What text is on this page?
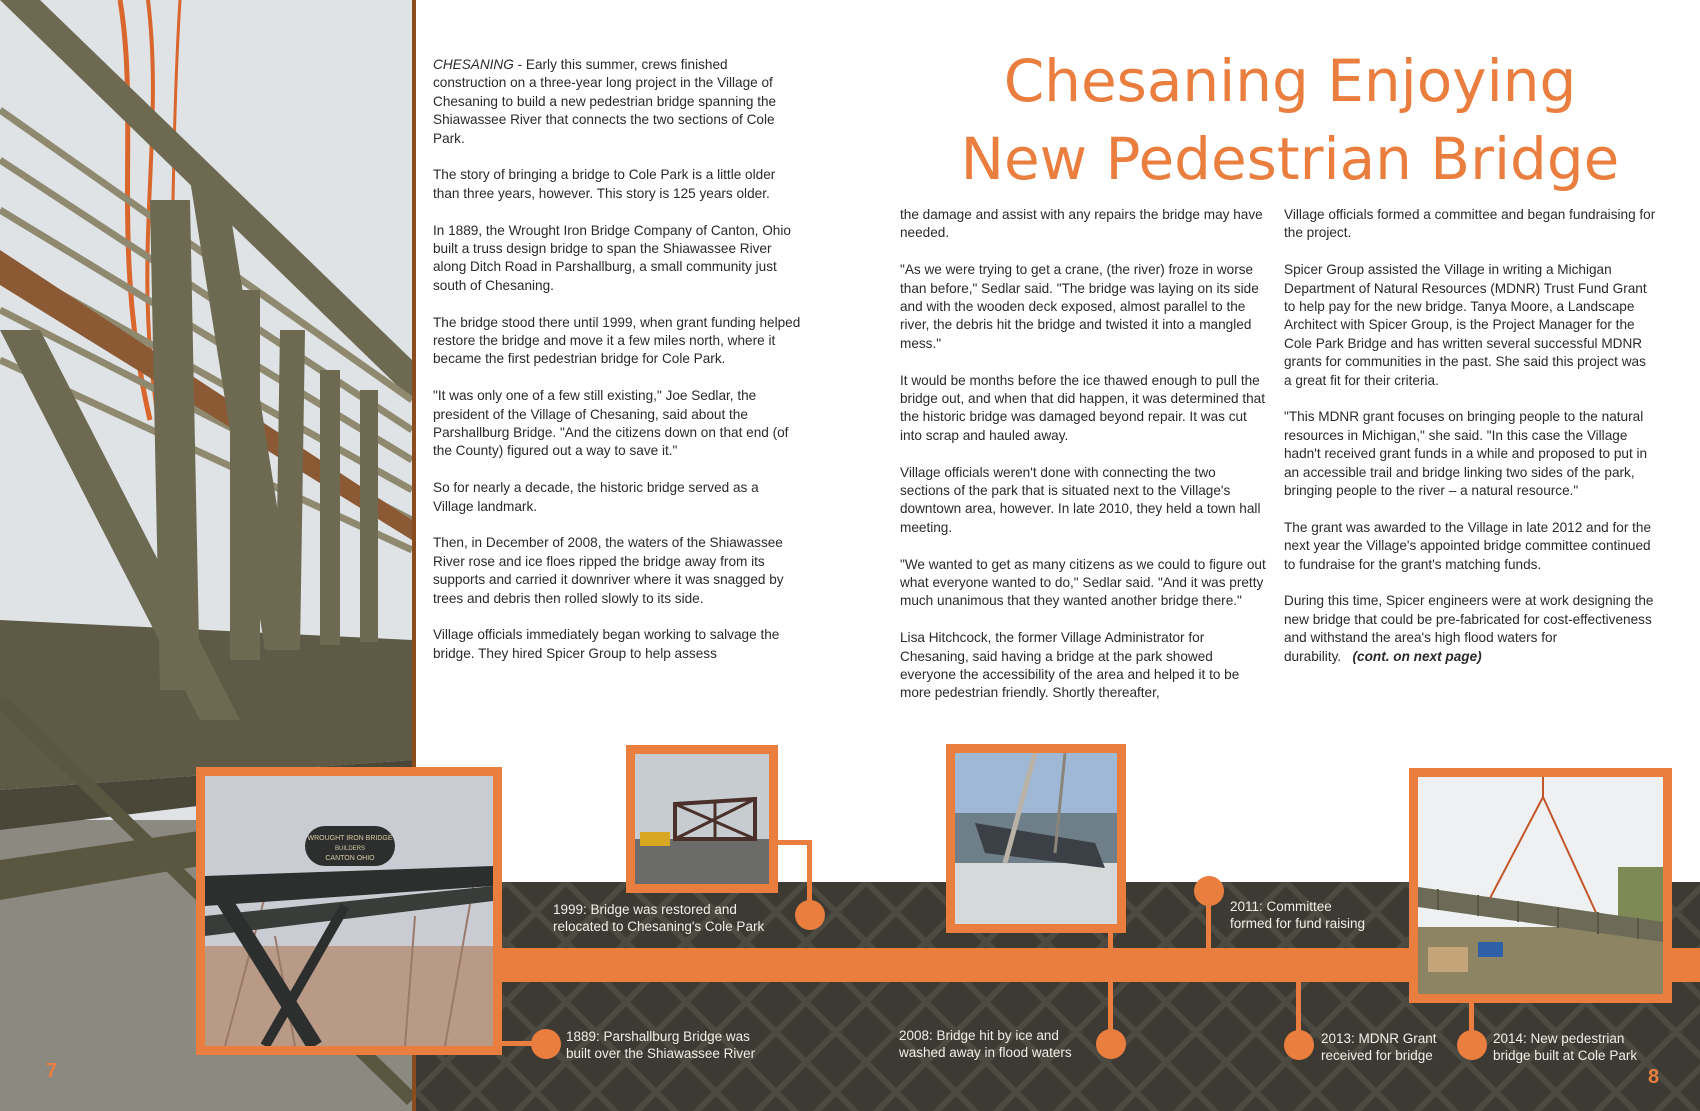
7
Chesaning Enjoying
New Pedestrian Bridge

CHESANING - Early this summer, crews finished construction on a three-year long project in the Village of Chesaning to build a new pedestrian bridge spanning the Shiawassee River that connects the two sections of Cole Park.

The story of bringing a bridge to Cole Park is a little older than three years, however. This story is 125 years older.

In 1889, the Wrought Iron Bridge Company of Canton, Ohio built a truss design bridge to span the Shiawassee River along Ditch Road in Parshallburg, a small community just south of Chesaning.

The bridge stood there until 1999, when grant funding helped restore the bridge and move it a few miles north, where it became the first pedestrian bridge for Cole Park.

"It was only one of a few still existing," Joe Sedlar, the president of the Village of Chesaning, said about the Parshallburg Bridge. "And the citizens down on that end (of the County) figured out a way to save it."

So for nearly a decade, the historic bridge served as a Village landmark.

Then, in December of 2008, the waters of the Shiawassee River rose and ice floes ripped the bridge away from its supports and carried it downriver where it was snagged by trees and debris then rolled slowly to its side.

Village officials immediately began working to salvage the bridge. They hired Spicer Group to help assess

the damage and assist with any repairs the bridge may have needed.

"As we were trying to get a crane, (the river) froze in worse than before," Sedlar said. "The bridge was laying on its side and with the wooden deck exposed, almost parallel to the river, the debris hit the bridge and twisted it into a mangled mess."

It would be months before the ice thawed enough to pull the bridge out, and when that did happen, it was determined that the historic bridge was damaged beyond repair. It was cut into scrap and hauled away.

Village officials weren't done with connecting the two sections of the park that is situated next to the Village's downtown area, however. In late 2010, they held a town hall meeting.

"We wanted to get as many citizens as we could to figure out what everyone wanted to do," Sedlar said. "And it was pretty much unanimous that they wanted another bridge there."

Lisa Hitchcock, the former Village Administrator for Chesaning, said having a bridge at the park showed everyone the accessibility of the area and helped it to be more pedestrian friendly. Shortly thereafter,

Village officials formed a committee and began fundraising for the project.

Spicer Group assisted the Village in writing a Michigan Department of Natural Resources (MDNR) Trust Fund Grant to help pay for the new bridge. Tanya Moore, a Landscape Architect with Spicer Group, is the Project Manager for the Cole Park Bridge and has written several successful MDNR grants for communities in the past. She said this project was a great fit for their criteria.

"This MDNR grant focuses on bringing people to the natural resources in Michigan," she said. "In this case the Village hadn't received grant funds in a while and proposed to put in an accessible trail and bridge linking two sides of the park, bringing people to the river – a natural resource."

The grant was awarded to the Village in late 2012 and for the next year the Village's appointed bridge committee continued to fundraise for the grant's matching funds.

During this time, Spicer engineers were at work designing the new bridge that could be pre-fabricated for cost-effectiveness and withstand the area's high flood waters for durability. (cont. on next page)

WROUGHT IRON BRIDGE
BUILDERS
CANTON OHIO
1889: Parshallburg Bridge was
built over the Shiawassee River
1999: Bridge was restored and
relocated to Chesaning's Cole Park
2008: Bridge hit by ice and
washed away in flood waters
2011: Committee
formed for fund raising
2013: MDNR Grant
received for bridge
2014: New pedestrian
bridge built at Cole Park
8
